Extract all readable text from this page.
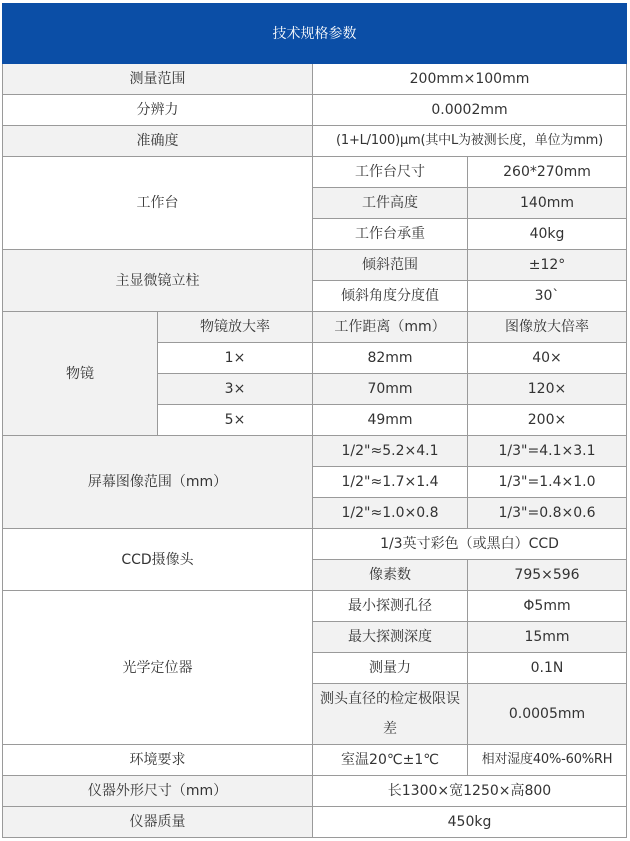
技术规格参数			
测量范围		200mm×100mm	
分辨力		0.0002mm	
准确度		(1+L/100)μm(其中L为被测长度，单位为mm)	
工作台		工作台尺寸	260*270mm
		工件高度	140mm
		工作台承重	40kg
主显微镜立柱		倾斜范围	±12°
		倾斜角度分度值	30`
物镜	物镜放大率	工作距离（mm）	图像放大倍率
	1×	82mm	40×
	3×	70mm	120×
	5×	49mm	200×
屏幕图像范围（mm）		1/2"≈5.2×4.1	1/3"=4.1×3.1
		1/2"≈1.7×1.4	1/3"=1.4×1.0
		1/2"≈1.0×0.8	1/3"=0.8×0.6
CCD摄像头		1/3英寸彩色（或黑白）CCD	
		像素数	795×596
光学定位器		最小探测孔径	Φ5mm
		最大探测深度	15mm
		测量力	0.1N
		测头直径的检定极限误差	0.0005mm
环境要求		室温20℃±1℃	相对湿度40%-60%RH
仪器外形尺寸（mm）		长1300×宽1250×高800	
仪器质量		450kg	
